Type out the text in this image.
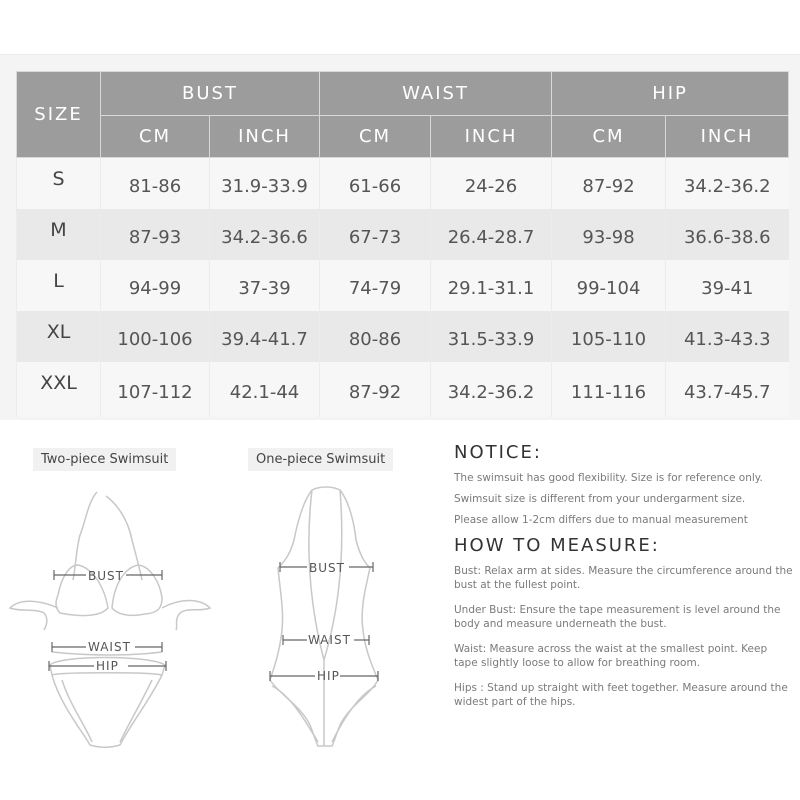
SIZE	BUST		WAIST		HIP	
	CM	INCH	CM	INCH	CM	INCH
S	81-86	31.9-33.9	61-66	24-26	87-92	34.2-36.2
M	87-93	34.2-36.6	67-73	26.4-28.7	93-98	36.6-38.6
L	94-99	37-39	74-79	29.1-31.1	99-104	39-41
XL	100-106	39.4-41.7	80-86	31.5-33.9	105-110	41.3-43.3
XXL	107-112	42.1-44	87-92	34.2-36.2	111-116	43.7-45.7
Two-piece Swimsuit
BUST
WAIST
HIP
One-piece Swimsuit
BUST
WAIST
HIP
NOTICE:

The swimsuit has good flexibility. Size is for reference only.

Swimsuit size is different from your undergarment size.

Please allow 1-2cm differs due to manual measurement

HOW TO MEASURE:

Bust: Relax arm at sides. Measure the circumference around the bust at the fullest point.

Under Bust: Ensure the tape measurement is level around the body and measure underneath the bust.

Waist: Measure across the waist at the smallest point. Keep tape slightly loose to allow for breathing room.

Hips : Stand up straight with feet together. Measure around the widest part of the hips.
